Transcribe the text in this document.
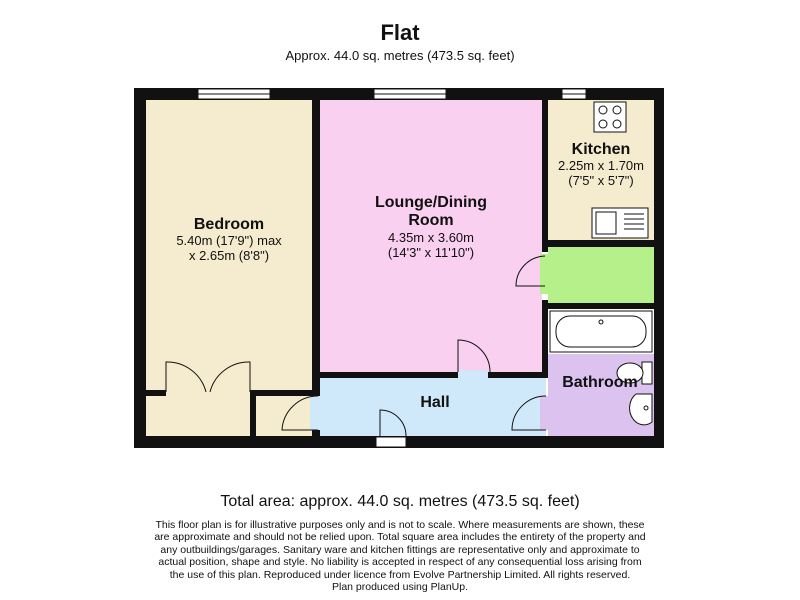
Flat
Approx. 44.0 sq. metres (473.5 sq. feet)
Bedroom
5.40m (17'9") max
x 2.65m (8'8")
Lounge/Dining
Room
4.35m x 3.60m
(14'3" x 11'10")
Kitchen
2.25m x 1.70m
(7'5" x 5'7")
Hall
Bathroom
Total area: approx. 44.0 sq. metres (473.5 sq. feet)
This floor plan is for illustrative purposes only and is not to scale. Where measurements are shown, these
are approximate and should not be relied upon. Total square area includes the entirety of the property and
any outbuildings/garages. Sanitary ware and kitchen fittings are representative only and approximate to
actual position, shape and style. No liability is accepted in respect of any consequential loss arising from
the use of this plan. Reproduced under licence from Evolve Partnership Limited. All rights reserved.
Plan produced using PlanUp.
